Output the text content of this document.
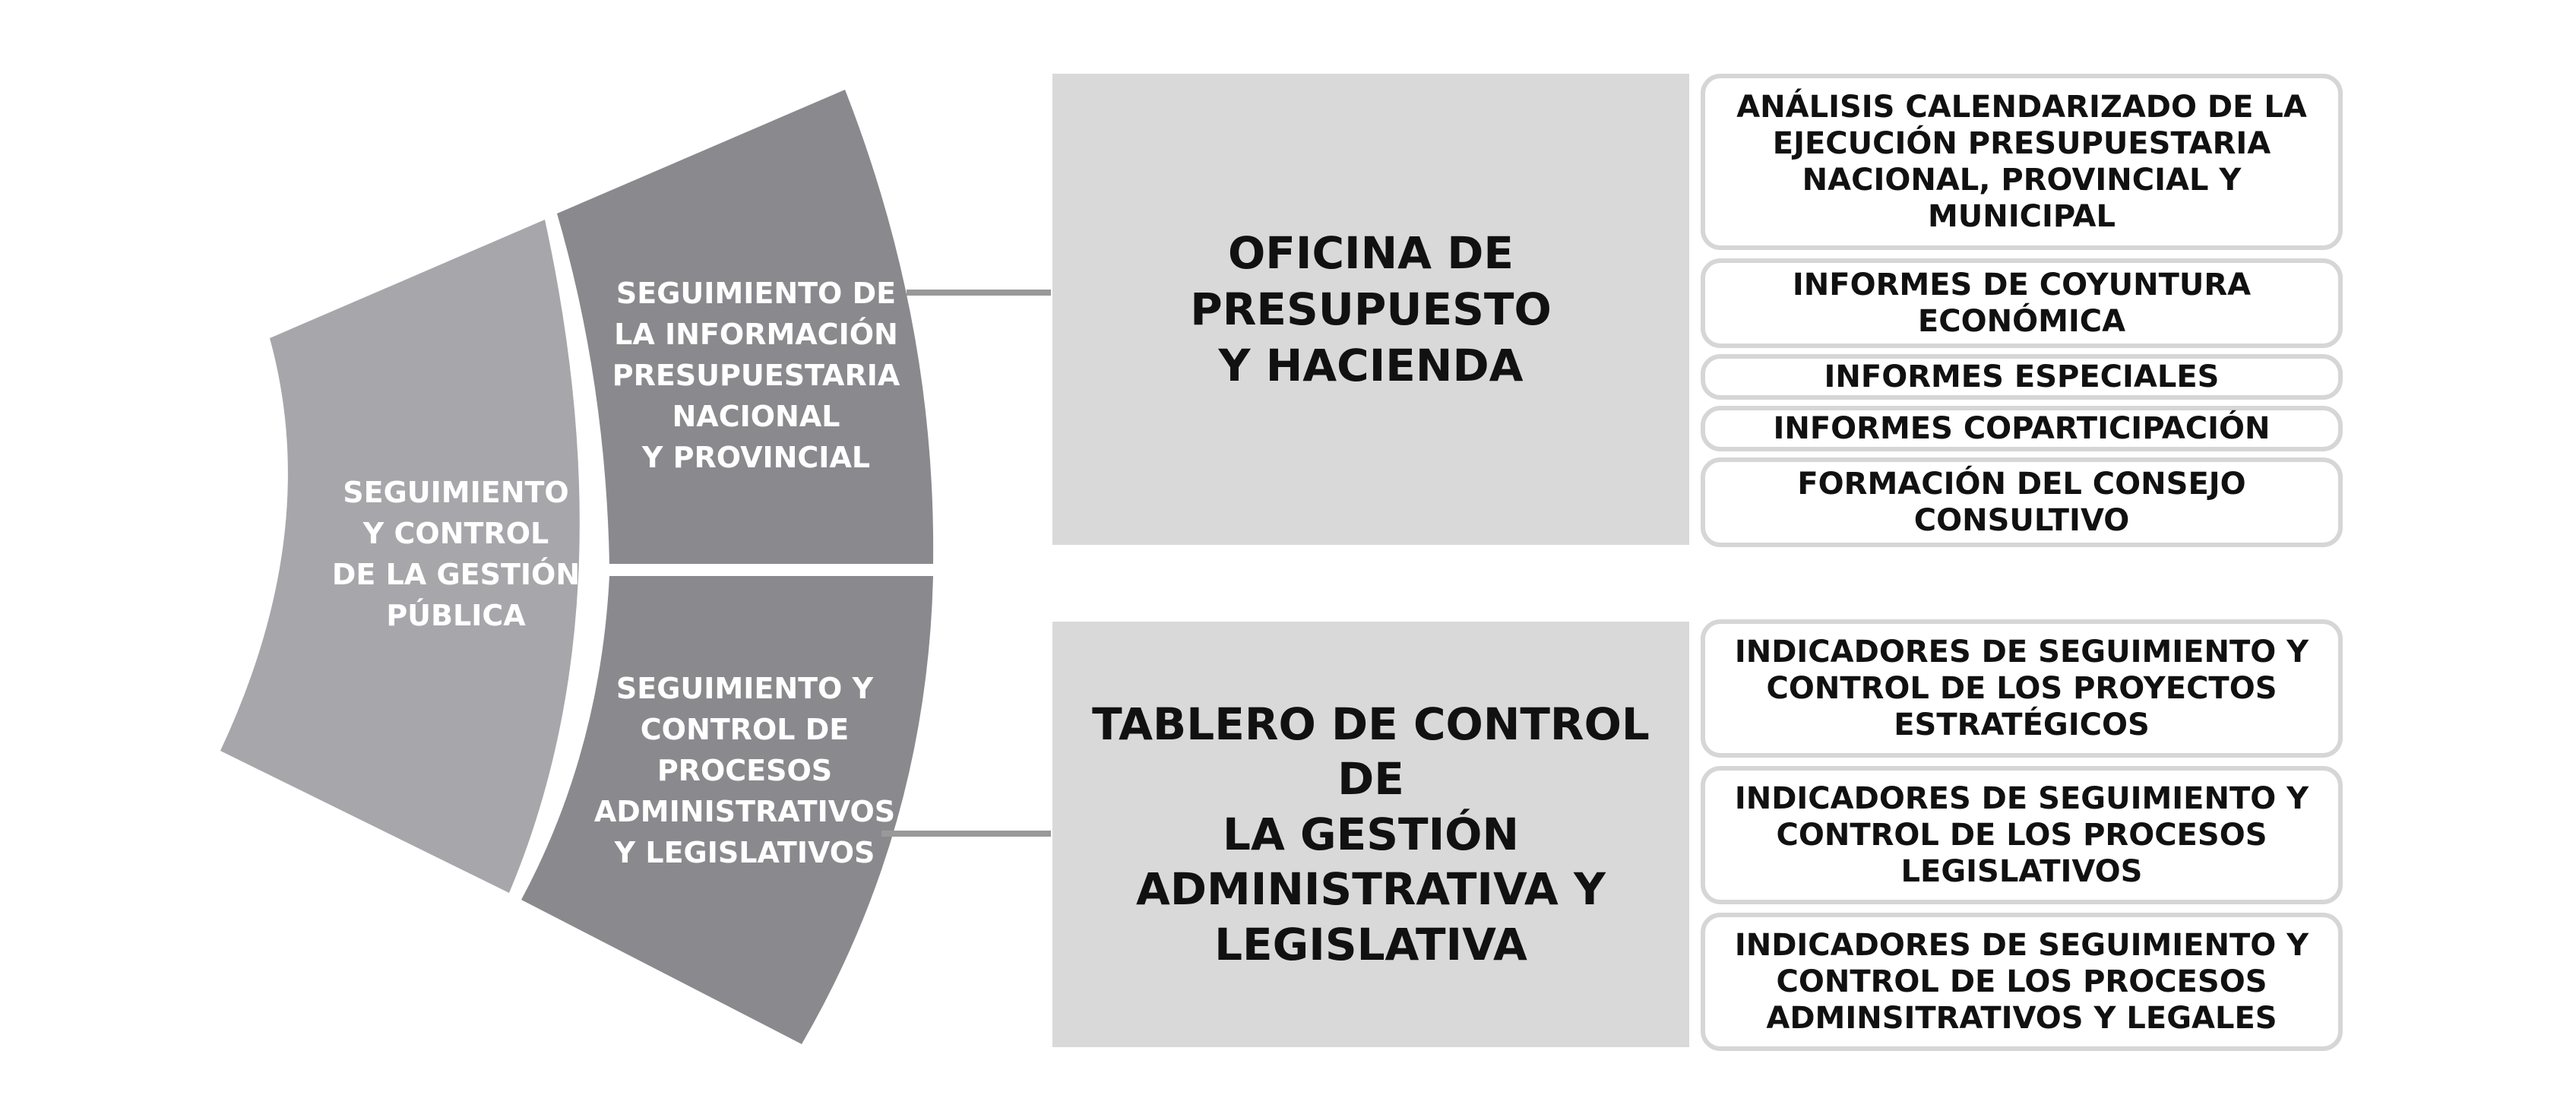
SEGUIMIENTO
Y CONTROL
DE LA GESTIÓN
PÚBLICA
SEGUIMIENTO DE
LA INFORMACIÓN
PRESUPUESTARIA
NACIONAL
Y PROVINCIAL
SEGUIMIENTO Y
CONTROL DE
PROCESOS
ADMINISTRATIVOS
Y LEGISLATIVOS
OFICINA DE PRESUPUESTO
Y HACIENDA
TABLERO DE CONTROL DE
LA GESTIÓN
ADMINISTRATIVA Y
LEGISLATIVA
ANÁLISIS CALENDARIZADO DE LA
EJECUCIÓN PRESUPUESTARIA
NACIONAL, PROVINCIAL Y
MUNICIPAL
INFORMES DE COYUNTURA
ECONÓMICA
INFORMES ESPECIALES
INFORMES COPARTICIPACIÓN
FORMACIÓN DEL CONSEJO
CONSULTIVO
INDICADORES DE SEGUIMIENTO Y
CONTROL DE LOS PROYECTOS
ESTRATÉGICOS
INDICADORES DE SEGUIMIENTO Y
CONTROL DE LOS PROCESOS
LEGISLATIVOS
INDICADORES DE SEGUIMIENTO Y
CONTROL DE LOS PROCESOS
ADMINSITRATIVOS Y LEGALES
